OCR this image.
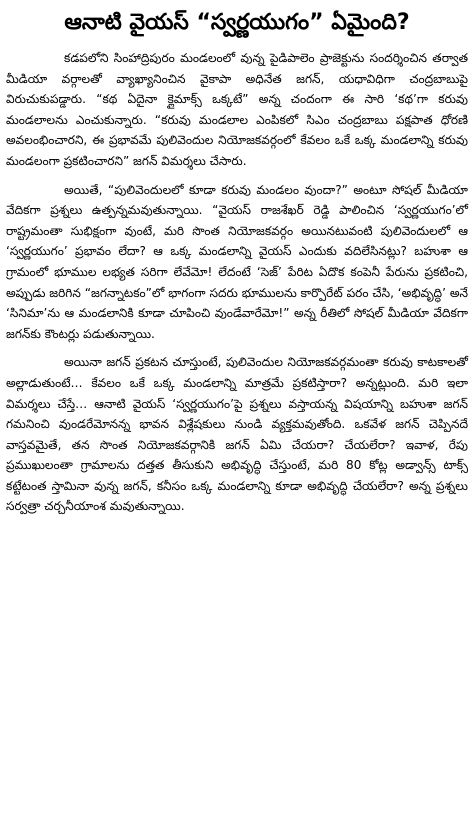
ఆనాటి వైయస్ “స్వర్ణయుగం” ఏమైంది?

కడపలోని సింహాద్రిపురం మండలంలో వున్న పైడిపాలెం ప్రాజెక్టును సందర్శించిన తర్వాత మీడియా వర్గాలతో వ్యాఖ్యానించిన వైకాపా అధినేత జగన్, యధావిధిగా చంద్రబాబుపై విరుచుకుపడ్డారు. “కథ ఏదైనా క్లైమాక్స్ ఒక్కటే” అన్న చందంగా ఈ సారి ‘కథ’గా కరువు మండలాలను ఎంచుకున్నారు. “కరువు మండలాల ఎంపికలో సిఎం చంద్రబాబు పక్షపాత ధోరణి అవలంభించారని, ఈ ప్రభావమే పులివెందుల నియోజకవర్గంలో కేవలం ఒకే ఒక్క మండలాన్ని కరువు మండలంగా ప్రకటించారని” జగన్ విమర్శలు చేసారు.

అయితే, “పులివెందులలో కూడా కరువు మండలం వుందా?” అంటూ సోషల్ మీడియా వేదికగా ప్రశ్నలు ఉత్పన్నమవుతున్నాయి. “వైయస్ రాజశేఖర్ రెడ్డి పాలించిన ‘స్వర్ణయుగం’లో రాష్ట్రమంతా సుభిక్షంగా వుంటే, మరి సొంత నియోజకవర్గం అయినటువంటి పులివెందులలో ఆ ‘స్వర్ణయుగం’ ప్రభావం లేదా? ఆ ఒక్క మండలాన్ని వైయస్ ఎందుకు వదిలేసినట్లు? బహుశా ఆ గ్రామంలో భూముల లభ్యత సరిగా లేవేమో! లేదంటే ‘సెజ్’ పేరిట ఏదొక కంపెనీ పేరును ప్రకటించి, అప్పుడు జరిగిన “జగన్నాటకం”లో భాగంగా సదరు భూములను కార్పొరేట్ పరం చేసి, ‘అభివృద్ధి’ అనే ‘సినిమా’ను ఆ మండలానికి కూడా చూపించి వుండేవారేమో!” అన్న రీతిలో సోషల్ మీడియా వేదికగా జగన్‌కు కౌంటర్లు పడుతున్నాయి.

అయినా జగన్ ప్రకటన చూస్తుంటే, పులివెందుల నియోజకవర్గమంతా కరువు కాటకాలతో అల్లాడుతుంటే… కేవలం ఒకే ఒక్క మండలాన్ని మాత్రమే ప్రకటిస్తారా? అన్నట్లుంది. మరి ఇలా విమర్శలు చేస్తే… ఆనాటి వైయస్ ‘స్వర్ణయుగం’పై ప్రశ్నలు వస్తాయన్న విషయాన్ని బహుశా జగన్ గమనించి వుండరేమోనన్న భావన విశ్లేషకులు నుండి వ్యక్తమవుతోంది. ఒకవేళ జగన్ చెప్పినదే వాస్తవమైతే, తన సొంత నియోజకవర్గానికి జగన్ ఏమి చేయరా? చేయలేరా? ఇవాళ, రేపు ప్రముఖులంతా గ్రామాలను దత్తత తీసుకుని అభివృద్ధి చేస్తుంటే, మరి 80 కోట్ల అడ్వాన్స్ టాక్స్ కట్టేటంత స్తామినా వున్న జగన్, కనీసం ఒక్క మండలాన్ని కూడా అభివృద్ధి చేయలేరా? అన్న ప్రశ్నలు సర్వత్రా చర్చనీయాంశ మవుతున్నాయి.
